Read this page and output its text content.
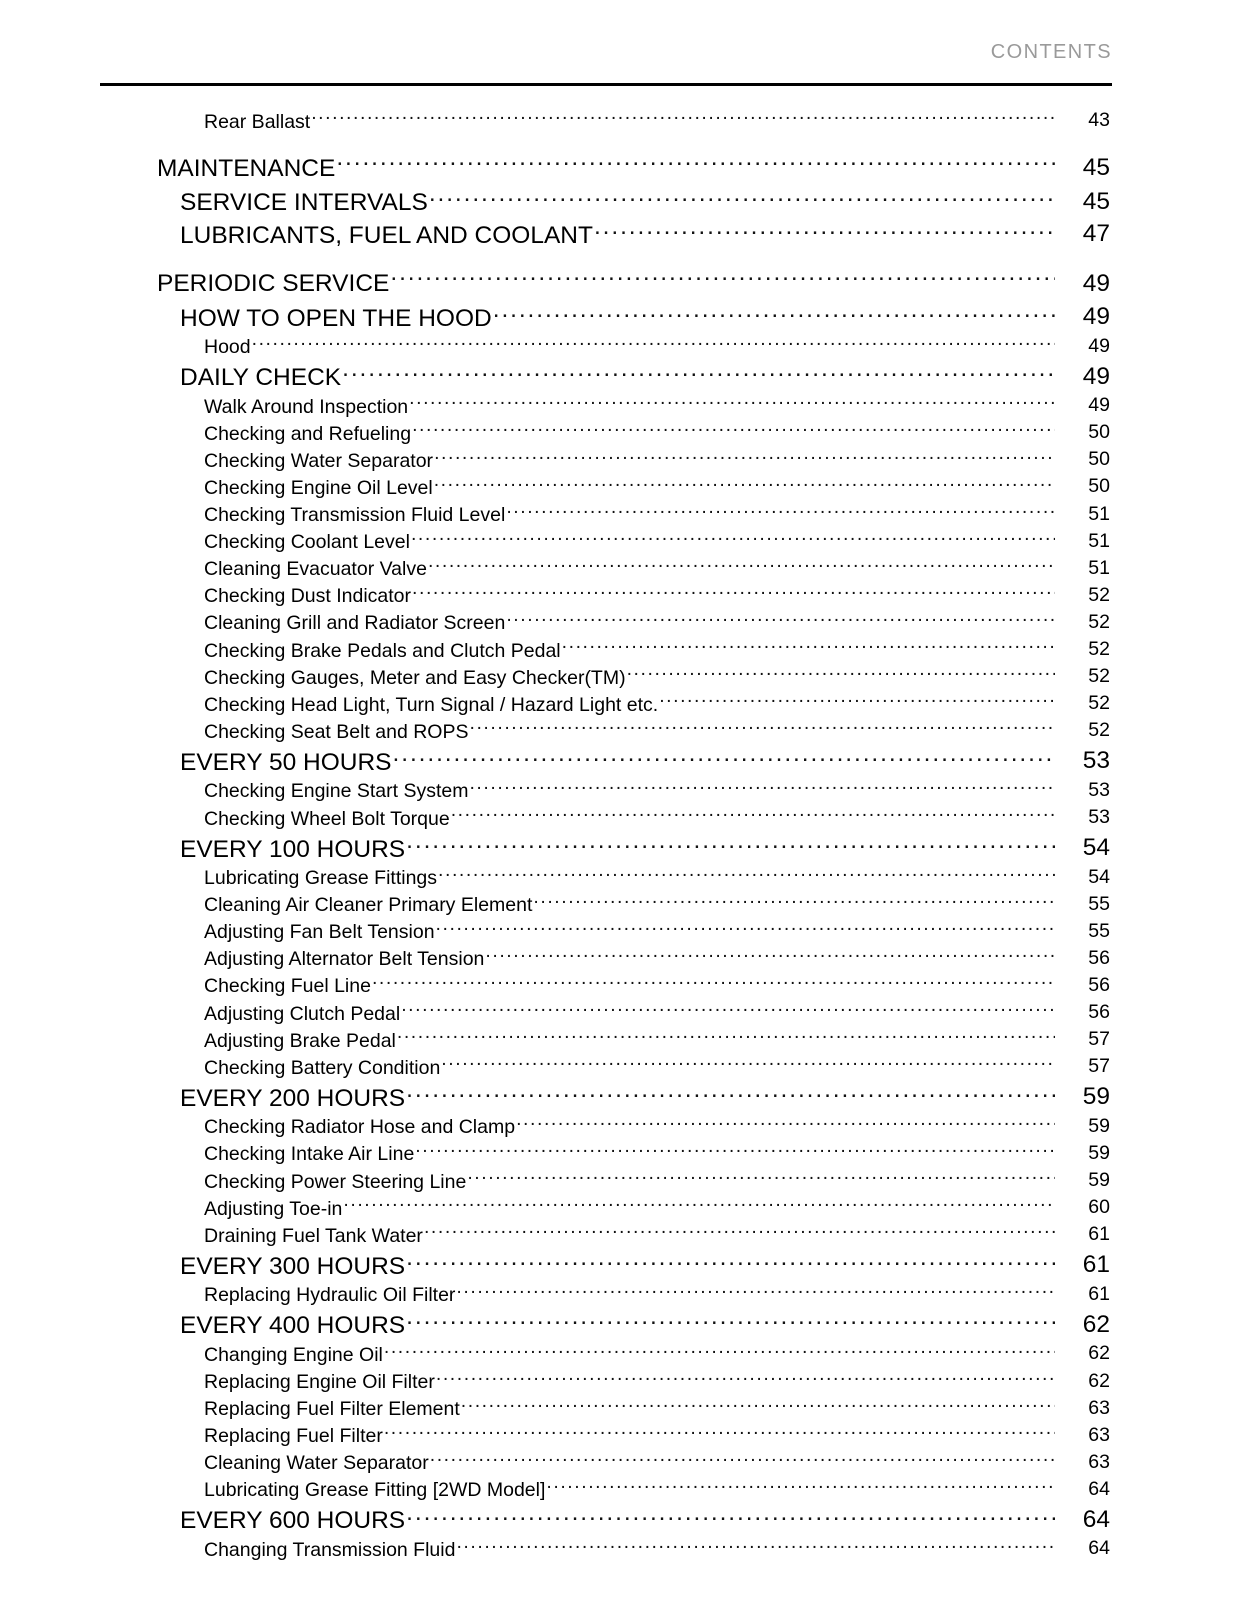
CONTENTS
Rear Ballast .....	43
MAINTENANCE .....	45
SERVICE INTERVALS .....	45
LUBRICANTS, FUEL AND COOLANT .....	47
PERIODIC SERVICE .....	49
HOW TO OPEN THE HOOD .....	49
Hood .....	49
DAILY CHECK .....	49
Walk Around Inspection .....	49
Checking and Refueling .....	50
Checking Water Separator .....	50
Checking Engine Oil Level .....	50
Checking Transmission Fluid Level .....	51
Checking Coolant Level .....	51
Cleaning Evacuator Valve .....	51
Checking Dust Indicator .....	52
Cleaning Grill and Radiator Screen .....	52
Checking Brake Pedals and Clutch Pedal .....	52
Checking Gauges, Meter and Easy Checker(TM) .....	52
Checking Head Light, Turn Signal / Hazard Light etc. .....	52
Checking Seat Belt and ROPS .....	52
EVERY 50 HOURS .....	53
Checking Engine Start System .....	53
Checking Wheel Bolt Torque .....	53
EVERY 100 HOURS .....	54
Lubricating Grease Fittings .....	54
Cleaning Air Cleaner Primary Element .....	55
Adjusting Fan Belt Tension .....	55
Adjusting Alternator Belt Tension .....	56
Checking Fuel Line .....	56
Adjusting Clutch Pedal .....	56
Adjusting Brake Pedal .....	57
Checking Battery Condition .....	57
EVERY 200 HOURS .....	59
Checking Radiator Hose and Clamp .....	59
Checking Intake Air Line .....	59
Checking Power Steering Line .....	59
Adjusting Toe-in .....	60
Draining Fuel Tank Water .....	61
EVERY 300 HOURS .....	61
Replacing Hydraulic Oil Filter .....	61
EVERY 400 HOURS .....	62
Changing Engine Oil .....	62
Replacing Engine Oil Filter .....	62
Replacing Fuel Filter Element .....	63
Replacing Fuel Filter .....	63
Cleaning Water Separator .....	63
Lubricating Grease Fitting [2WD Model] .....	64
EVERY 600 HOURS .....	64
Changing Transmission Fluid .....	64
